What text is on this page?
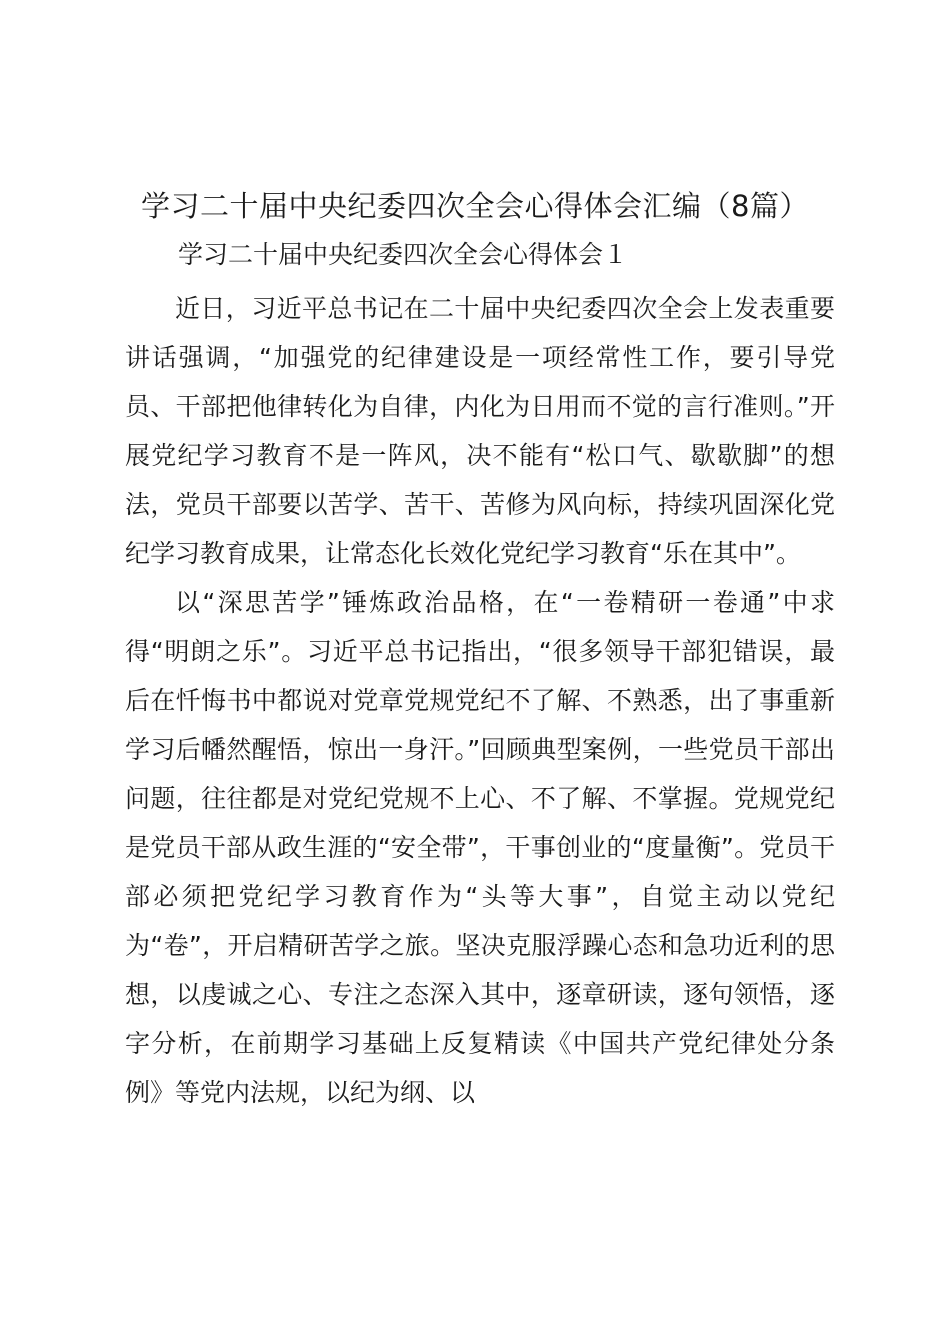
学习二十届中央纪委四次全会心得体会汇编（8篇）
学习二十届中央纪委四次全会心得体会１

近日，习近平总书记在二十届中央纪委四次全会上发表重要讲话强调，“加强党的纪律建设是一项经常性工作，要引导党员、干部把他律转化为自律，内化为日用而不觉的言行准则。”开展党纪学习教育不是一阵风，决不能有“松口气、歇歇脚”的想法，党员干部要以苦学、苦干、苦修为风向标，持续巩固深化党纪学习教育成果，让常态化长效化党纪学习教育“乐在其中”。

以“深思苦学”锤炼政治品格，在“一卷精研一卷通”中求得“明朗之乐”。习近平总书记指出，“很多领导干部犯错误，最后在忏悔书中都说对党章党规党纪不了解、不熟悉，出了事重新学习后幡然醒悟，惊出一身汗。”回顾典型案例，一些党员干部出问题，往往都是对党纪党规不上心、不了解、不掌握。党规党纪是党员干部从政生涯的“安全带”，干事创业的“度量衡”。党员干部必须把党纪学习教育作为“头等大事”，自觉主动以党纪为“卷”，开启精研苦学之旅。坚决克服浮躁心态和急功近利的思想，以虔诚之心、专注之态深入其中，逐章研读，逐句领悟，逐字分析，在前期学习基础上反复精读《中国共产党纪律处分条例》等党内法规，以纪为纲、以
